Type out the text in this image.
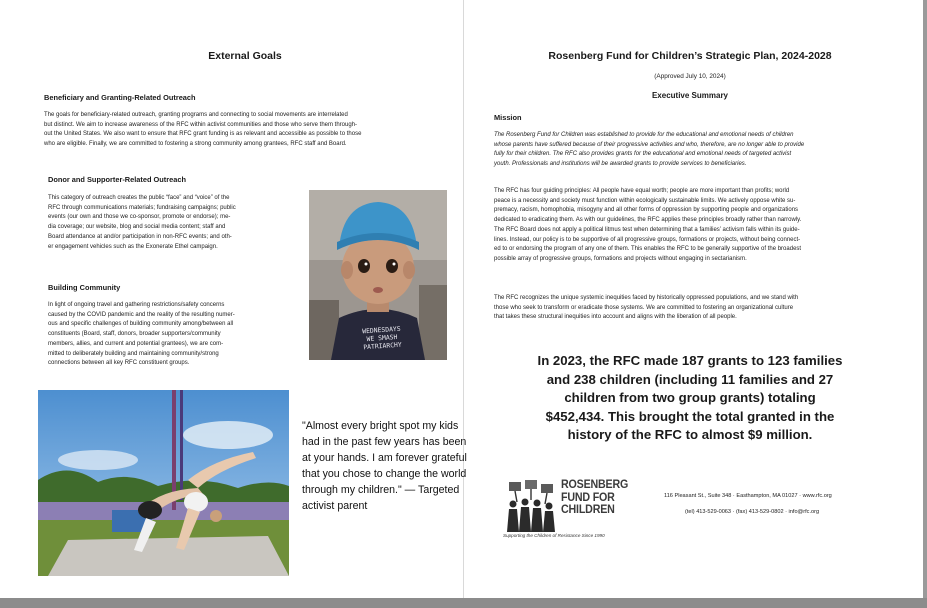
External Goals
Beneficiary and Granting-Related Outreach

The goals for beneficiary-related outreach, granting programs and connecting to social movements are interrelated
but distinct. We aim to increase awareness of the RFC within activist communities and those who serve them through-
out the United States. We also want to ensure that RFC grant funding is as relevant and accessible as possible to those
who are eligible. Finally, we are committed to fostering a strong community among grantees, RFC staff and Board.

Donor and Supporter-Related Outreach

This category of outreach creates the public “face” and “voice” of the
RFC through communications materials; fundraising campaigns; public
events (our own and those we co-sponsor, promote or endorse); me-
dia coverage; our website, blog and social media content; staff and
Board attendance at and/or participation in non-RFC events; and oth-
er engagement vehicles such as the Exonerate Ethel campaign.

Building Community

In light of ongoing travel and gathering restrictions/safety concerns
caused by the COVID pandemic and the reality of the resulting numer-
ous and specific challenges of building community among/between all
constituents (Board, staff, donors, broader supporters/community
members, allies, and current and potential grantees), we are com-
mitted to deliberately building and maintaining community/strong
connections between all key RFC constituent groups.

WEDNESDAYS
WE SMASH
PATRIARCHY
"Almost every bright spot my kids had in the past few years has been at your hands. I am forever grateful that you chose to change the world through my children." — Targeted activist parent
Rosenberg Fund for Children’s Strategic Plan, 2024-2028
(Approved July 10, 2024)
Executive Summary
Mission

The Rosenberg Fund for Children was established to provide for the educational and emotional needs of children
whose parents have suffered because of their progressive activities and who, therefore, are no longer able to provide
fully for their children. The RFC also provides grants for the educational and emotional needs of targeted activist
youth. Professionals and institutions will be awarded grants to provide services to beneficiaries.

The RFC has four guiding principles: All people have equal worth; people are more important than profits; world
peace is a necessity and society must function within ecologically sustainable limits. We actively oppose white su-
premacy, racism, homophobia, misogyny and all other forms of oppression by supporting people and organizations
dedicated to eradicating them. As with our guidelines, the RFC applies these principles broadly rather than narrowly.
The RFC Board does not apply a political litmus test when determining that a families’ activism falls within its guide-
lines. Instead, our policy is to be supportive of all progressive groups, formations or projects, without being connect-
ed to or endorsing the program of any one of them. This enables the RFC to be generally supportive of the broadest
possible array of progressive groups, formations and projects without engaging in sectarianism.

The RFC recognizes the unique systemic inequities faced by historically oppressed populations, and we stand with
those who seek to transform or eradicate those systems. We are committed to fostering an organizational culture
that takes these structural inequities into account and aligns with the liberation of all people.

In 2023, the RFC made 187 grants to 123 families
and 238 children (including 11 families and 27
children from two group grants) totaling
$452,434. This brought the total granted in the
history of the RFC to almost $9 million.
ROSENBERG
FUND FOR
CHILDREN
Supporting the Children of Resistance Since 1990
116 Pleasant St., Suite 348 · Easthampton, MA 01027 · www.rfc.org
(tel) 413-529-0063 · (fax) 413-529-0802 · info@rfc.org
